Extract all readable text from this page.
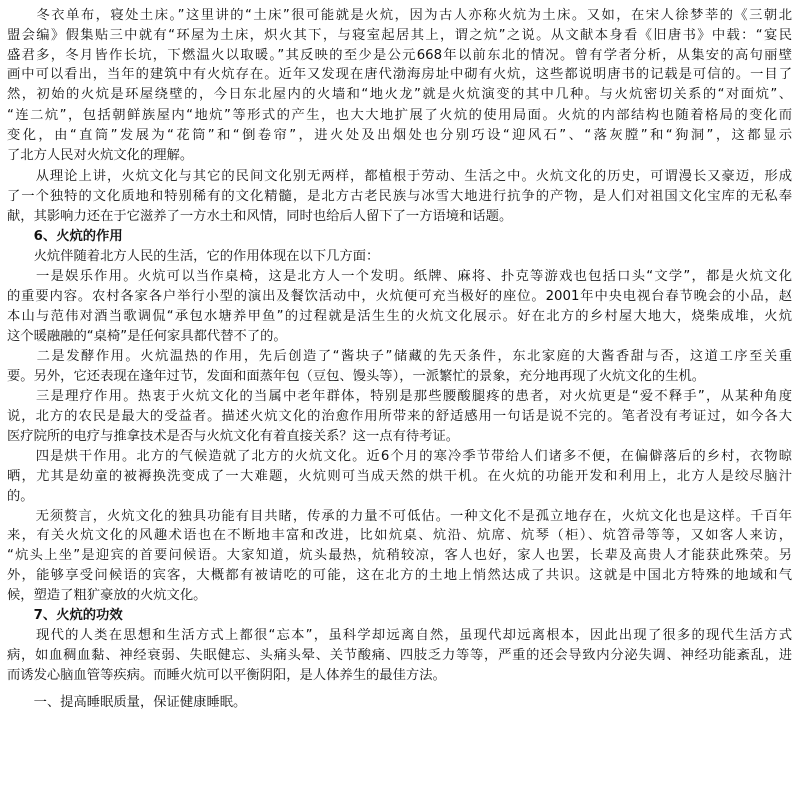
　　冬衣单布，寝处土床。”这里讲的“土床”很可能就是火炕，因为古人亦称火炕为土床。又如，在宋人徐梦莘的《三朝北
盟会编》假集贴三中就有“环屋为土床，炽火其下，与寝室起居其上，谓之炕”之说。从文献本身看《旧唐书》中载：“宴民
盛君多，冬月皆作长坑，下燃温火以取暖。”其反映的至少是公元668年以前东北的情况。曾有学者分析，从集安的高句丽壁
画中可以看出，当年的建筑中有火炕存在。近年又发现在唐代渤海房址中砌有火炕，这些都说明唐书的记载是可信的。一目了
然，初始的火炕是环屋绕壁的，今日东北屋内的火墙和“地火龙”就是火炕演变的其中几种。与火炕密切关系的“对面炕”、
“连二炕”，包括朝鲜族屋内“地炕”等形式的产生，也大大地扩展了火炕的使用局面。火炕的内部结构也随着格局的变化而
变化，由“直筒”发展为“花筒”和“倒卷帘”，进火处及出烟处也分别巧设“迎风石”、“落灰膛”和“狗洞”，这都显示
了北方人民对火炕文化的理解。
　　从理论上讲，火炕文化与其它的民间文化别无两样，都植根于劳动、生活之中。火炕文化的历史，可谓漫长又豪迈，形成
了一个独特的文化质地和特别稀有的文化精髓，是北方古老民族与冰雪大地进行抗争的产物，是人们对祖国文化宝库的无私奉
献，其影响力还在于它滋养了一方水土和风情，同时也给后人留下了一方语境和话题。
　　6、火炕的作用
　　火炕伴随着北方人民的生活，它的作用体现在以下几方面：
　　一是娱乐作用。火炕可以当作桌椅，这是北方人一个发明。纸牌、麻将、扑克等游戏也包括口头“文学”，都是火炕文化
的重要内容。农村各家各户举行小型的演出及餐饮活动中，火炕便可充当极好的座位。2001年中央电视台春节晚会的小品，赵
本山与范伟对酒当歌调侃“承包水塘养甲鱼”的过程就是活生生的火炕文化展示。好在北方的乡村屋大地大，烧柴成堆，火炕
这个暖融融的“桌椅”是任何家具都代替不了的。
　　二是发酵作用。火炕温热的作用，先后创造了“酱块子”储藏的先天条件，东北家庭的大酱香甜与否，这道工序至关重
要。另外，它还表现在逢年过节，发面和面蒸年包（豆包、馒头等），一派繁忙的景象，充分地再现了火炕文化的生机。
　　三是理疗作用。热衷于火炕文化的当属中老年群体，特别是那些腰酸腿疼的患者，对火炕更是“爱不释手”，从某种角度
说，北方的农民是最大的受益者。描述火炕文化的治愈作用所带来的舒适感用一句话是说不完的。笔者没有考证过，如今各大
医疗院所的电疗与推拿技术是否与火炕文化有着直接关系？这一点有待考证。
　　四是烘干作用。北方的气候造就了北方的火炕文化。近6个月的寒冷季节带给人们诸多不便，在偏僻落后的乡村，衣物晾
晒，尤其是幼童的被褥换洗变成了一大难题，火炕则可当成天然的烘干机。在火炕的功能开发和利用上，北方人是绞尽脑汁
的。
　　无须赘言，火炕文化的独具功能有目共睹，传承的力量不可低估。一种文化不是孤立地存在，火炕文化也是这样。千百年
来，有关火炕文化的风趣术语也在不断地丰富和改进，比如炕桌、炕沿、炕席、炕琴（柜）、炕笤帚等等，又如客人来访，
“炕头上坐”是迎宾的首要问候语。大家知道，炕头最热，炕稍较凉，客人也好，家人也罢，长辈及高贵人才能获此殊荣。另
外，能够享受问候语的宾客，大概都有被请吃的可能，这在北方的土地上悄然达成了共识。这就是中国北方特殊的地域和气
候，塑造了粗犷豪放的火炕文化。
　　7、火炕的功效
　　现代的人类在思想和生活方式上都很“忘本”，虽科学却远离自然，虽现代却远离根本，因此出现了很多的现代生活方式
病，如血稠血黏、神经衰弱、失眠健忘、头痛头晕、关节酸痛、四肢乏力等等，严重的还会导致内分泌失调、神经功能紊乱，进
而诱发心脑血管等疾病。而睡火炕可以平衡阴阳，是人体养生的最佳方法。
　　一、提高睡眠质量，保证健康睡眠。
